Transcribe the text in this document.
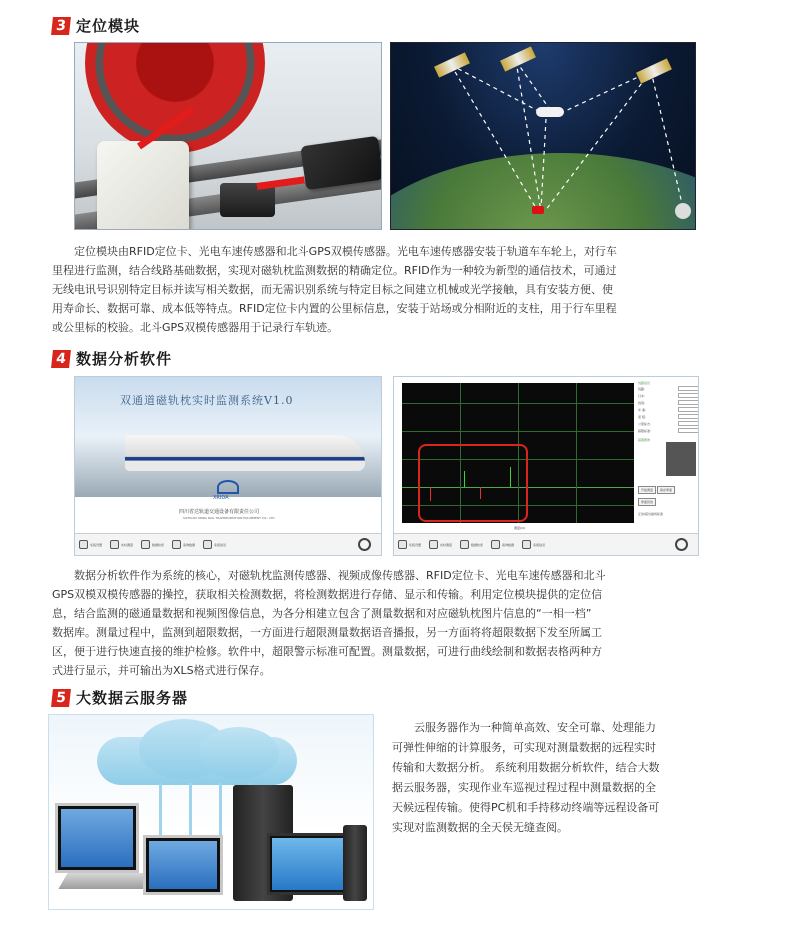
3 定位模块
定位模块由RFID定位卡、光电车速传感器和北斗GPS双模传感器。光电车速传感器安装于轨道车车轮上，对行车
里程进行监测，结合线路基础数据，实现对磁轨枕监测数据的精确定位。RFID作为一种较为新型的通信技术，可通过
无线电讯号识别特定目标并读写相关数据，而无需识别系统与特定目标之间建立机械或光学接触，具有安装方便、使
用寿命长、数据可靠、成本低等特点。RFID定位卡内置的公里标信息，安装于站场或分相附近的支柱，用于行车里程
或公里标的校验。北斗GPS双模传感器用于记录行车轨迹。
4 数据分析软件
双通道磁轨枕实时监测系统V1.0
XRIDA
四川省达轨道交通设备有限责任公司
SICHUAN XINDA RAIL TRANSPORTATION EQUIPMENT CO., LTD
系统设置	实时测量	数据检索	查询数据	系统信息
测量(m)
线路信息
线路:
行车:
线别:
车 速:
里 程:
公里标志:
超限标准:
超限图像
开始测量 保存界面
界面回放
正常/超出磁场标准
系统设置	实时测量	数据检索	查询数据	系统信息
数据分析软件作为系统的核心，对磁轨枕监测传感器、视频成像传感器、RFID定位卡、光电车速传感器和北斗
GPS双模双模传感器的操控，获取相关检测数据，将检测数据进行存储、显示和传输。利用定位模块提供的定位信
息，结合监测的磁通量数据和视频图像信息，为各分相建立包含了测量数据和对应磁轨枕图片信息的“一相一档”
数据库。测量过程中，监测到超限数据，一方面进行超限测量数据语音播报，另一方面将将超限数据下发至所属工
区，便于进行快速直接的维护检修。软件中，超限警示标准可配置。测量数据，可进行曲线绘制和数据表格两种方
式进行显示，并可输出为XLS格式进行保存。
5 大数据云服务器
云服务器作为一种简单高效、安全可靠、处理能力
可弹性伸缩的计算服务，可实现对测量数据的远程实时
传输和大数据分析。 系统利用数据分析软件，结合大数
据云服务器，实现作业车巡视过程过程中测量数据的全
天候远程传输。使得PC机和手持移动终端等远程设备可
实现对监测数据的全天侯无缝查阅。
